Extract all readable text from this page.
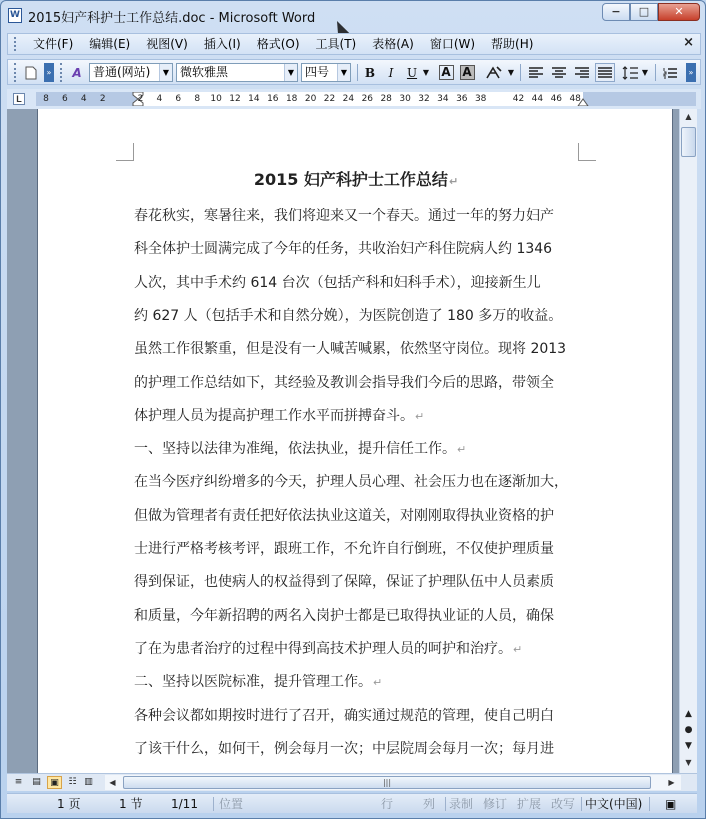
W 2015妇产科护士工作总结.doc - Microsoft Word	−	□	✕
文件(F)	编辑(E)	视图(V)	插入(I)	格式(O)	工具(T)	表格(A)	窗口(W)	帮助(H)	×
»	A 普通(网站)	▼ 微软雅黑	▼ 四号	▼	B	I	U ▼ A A	▼	▼	»
L	8 6 4 2	2 4 6 8 10 12 14 16 18 20 22 24 26 28 30 32 34 36 38	42 44 46 48
2015 妇产科护士工作总结↵
春花秋实，寒暑往来，我们将迎来又一个春天。通过一年的努力妇产
科全体护士圆满完成了今年的任务，共收治妇产科住院病人约 1346
人次，其中手术约 614 台次（包括产科和妇科手术），迎接新生儿
约 627 人（包括手术和自然分娩），为医院创造了 180 多万的收益。
虽然工作很繁重，但是没有一人喊苦喊累，依然坚守岗位。现将 2013
的护理工作总结如下，其经验及教训会指导我们今后的思路，带领全
体护理人员为提高护理工作水平而拼搏奋斗。↵
一、坚持以法律为准绳，依法执业，提升信任工作。↵
在当今医疗纠纷增多的今天，护理人员心理、社会压力也在逐渐加大，
但做为管理者有责任把好依法执业这道关，对刚刚取得执业资格的护
士进行严格考核考评，跟班工作，不允许自行倒班，不仅使护理质量
得到保证，也使病人的权益得到了保障，保证了护理队伍中人员素质
和质量，今年新招聘的两名入岗护士都是已取得执业证的人员，确保
了在为患者治疗的过程中得到高技术护理人员的呵护和治疗。↵
二、坚持以医院标准，提升管理工作。↵
各种会议都如期按时进行了召开，确实通过规范的管理，使自己明白
了该干什么，如何干，例会每月一次；中层院周会每月一次；每月进
▲
▲
●
▼
▼
≡	▤	▣	☷ ▥	◀	|||	▶
1 页	1 节 1/11 位置	行 列 录制 修订 扩展 改写 中文(中国) ▣
